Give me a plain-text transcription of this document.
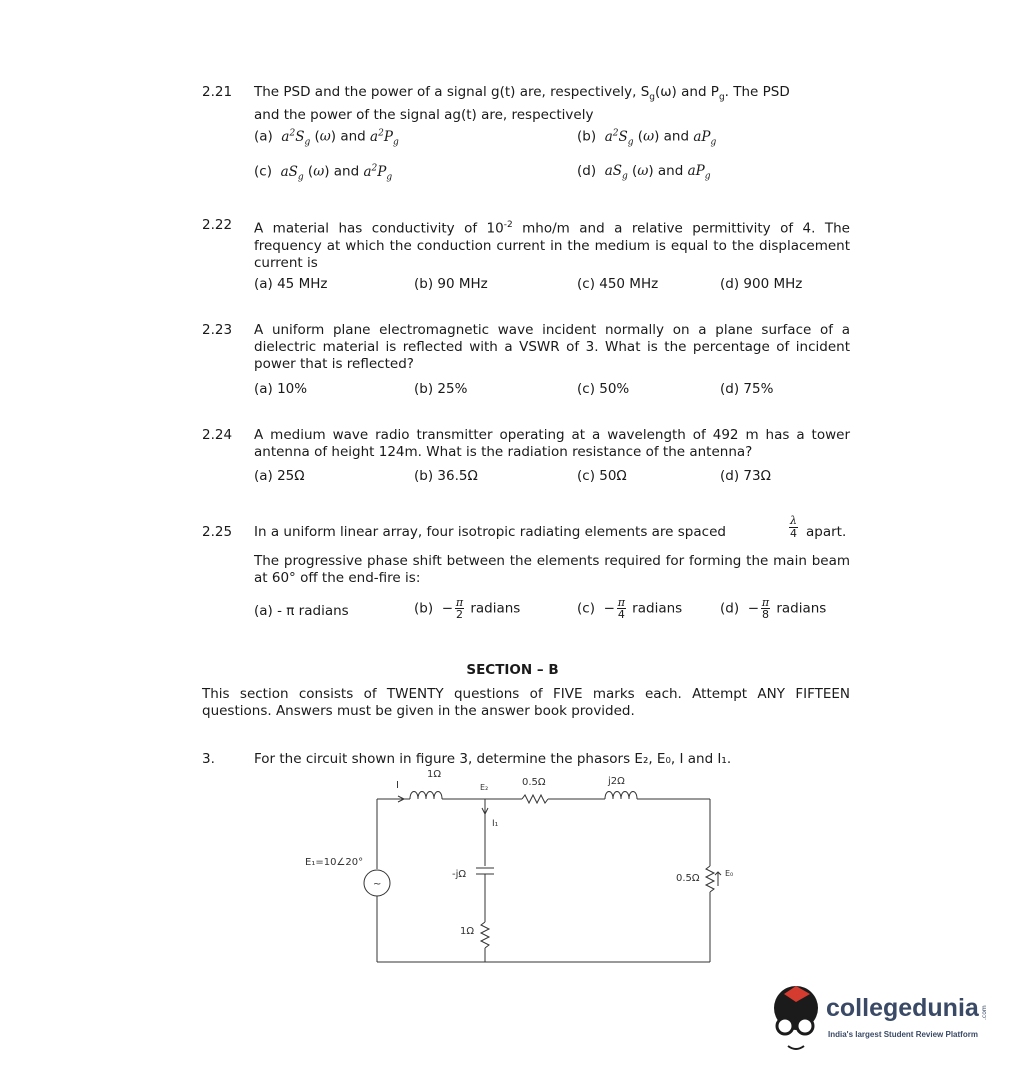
2.21 The PSD and the power of a signal g(t) are, respectively, $S_g(\omega)$ and $P_g$. The PSD
and the power of the signal ag(t) are, respectively
(a) $a^2S_g$ (ω) and $a^2P_g$	(b) $a^2S_g$ (ω) and $aP_g$
(c) $aS_g$ (ω) and $a^2P_g$	(d) $aS_g$ (ω) and $aP_g$
2.22 A material has conductivity of $10^{-2}$ mho/m and a relative permittivity of 4. The frequency at which the conduction current in the medium is equal to the displacement current is
(a) 45 MHz	(b) 90 MHz	(c) 450 MHz	(d) 900 MHz
2.23 A uniform plane electromagnetic wave incident normally on a plane surface of a dielectric material is reflected with a VSWR of 3. What is the percentage of incident power that is reflected?
(a) 10%	(b) 25%	(c) 50%	(d) 75%
2.24 A medium wave radio transmitter operating at a wavelength of 492 m has a tower antenna of height 124m. What is the radiation resistance of the antenna?
(a) 25Ω	(b) 36.5Ω	(c) 50Ω	(d) 73Ω
2.25 In a uniform linear array, four isotropic radiating elements are spaced
λ
4 apart.
The progressive phase shift between the elements required for forming the main beam at 60° off the end-fire is:
(a) - π radians	$(b) - \frac{\pi}{2}$ radians	$(c) - \frac{\pi}{4}$ radians	$(d) - \frac{\pi}{8}$ radians
SECTION – B
This section consists of TWENTY questions of FIVE marks each. Attempt ANY FIFTEEN questions. Answers must be given in the answer book provided.
3.	For the circuit shown in figure 3, determine the phasors E₂, E₀, I and I₁.
~
1Ω
I	E₂	0.5Ω	j2Ω
I₁
E₁=10∠20°
-jΩ
1Ω
0.5Ω	E₀
.com
collegedunia
India's largest Student Review Platform
